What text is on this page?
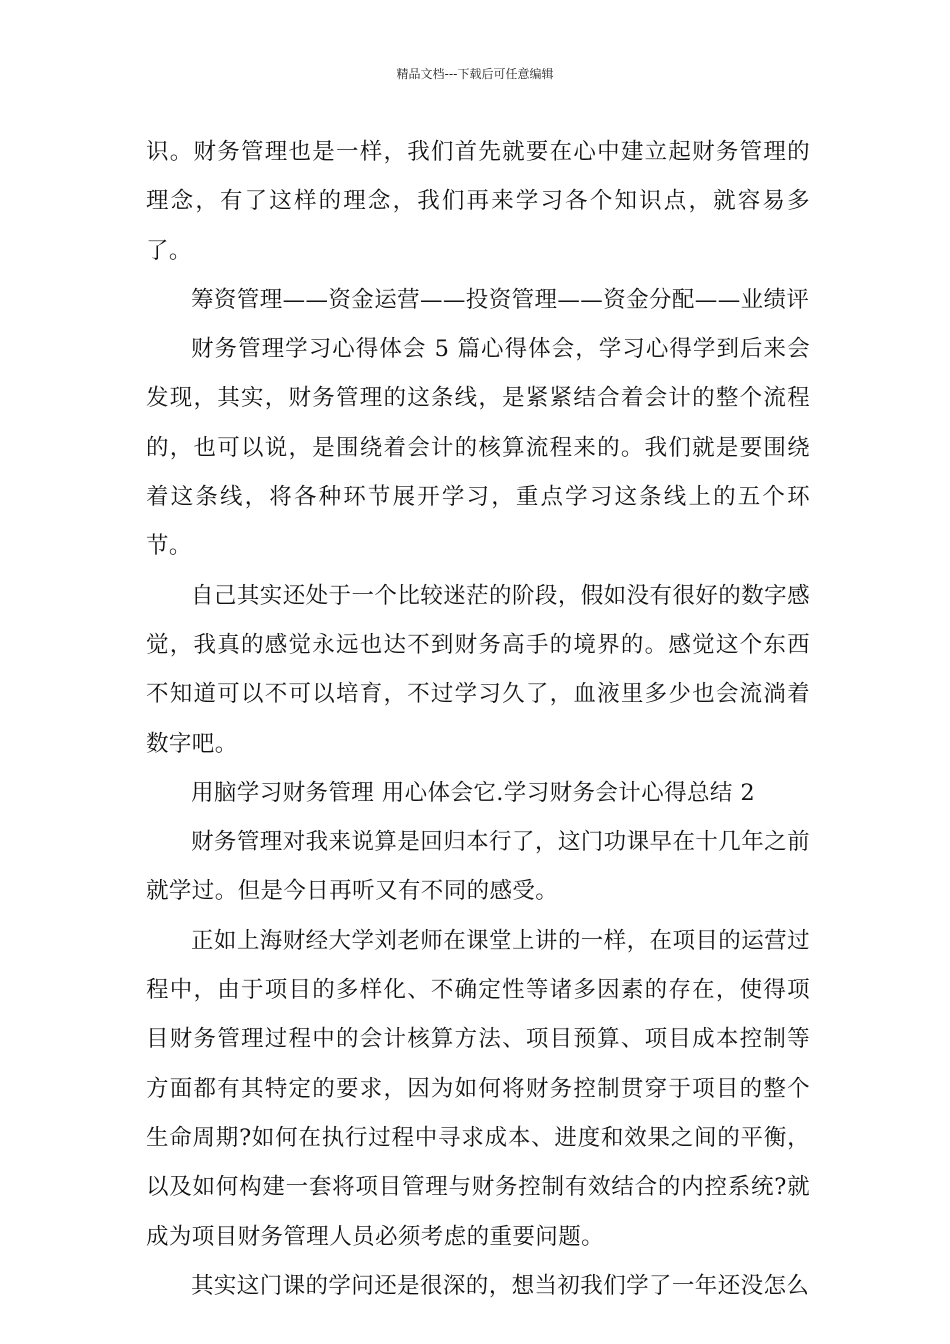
精品文档---下载后可任意编辑

识。财务管理也是一样，我们首先就要在心中建立起财务管理的理念，有了这样的理念，我们再来学习各个知识点，就容易多了。

筹资管理——资金运营——投资管理——资金分配——业绩评

财务管理学习心得体会 5 篇心得体会，学习心得学到后来会发现，其实，财务管理的这条线，是紧紧结合着会计的整个流程的，也可以说，是围绕着会计的核算流程来的。我们就是要围绕着这条线，将各种环节展开学习，重点学习这条线上的五个环节。

自己其实还处于一个比较迷茫的阶段，假如没有很好的数字感觉，我真的感觉永远也达不到财务高手的境界的。感觉这个东西不知道可以不可以培育，不过学习久了，血液里多少也会流淌着数字吧。

用脑学习财务管理 用心体会它.学习财务会计心得总结 2

财务管理对我来说算是回归本行了，这门功课早在十几年之前就学过。但是今日再听又有不同的感受。

正如上海财经大学刘老师在课堂上讲的一样，在项目的运营过程中，由于项目的多样化、不确定性等诸多因素的存在，使得项目财务管理过程中的会计核算方法、项目预算、项目成本控制等方面都有其特定的要求，因为如何将财务控制贯穿于项目的整个生命周期?如何在执行过程中寻求成本、进度和效果之间的平衡，以及如何构建一套将项目管理与财务控制有效结合的内控系统?就成为项目财务管理人员必须考虑的重要问题。

其实这门课的学问还是很深的，想当初我们学了一年还没怎么
